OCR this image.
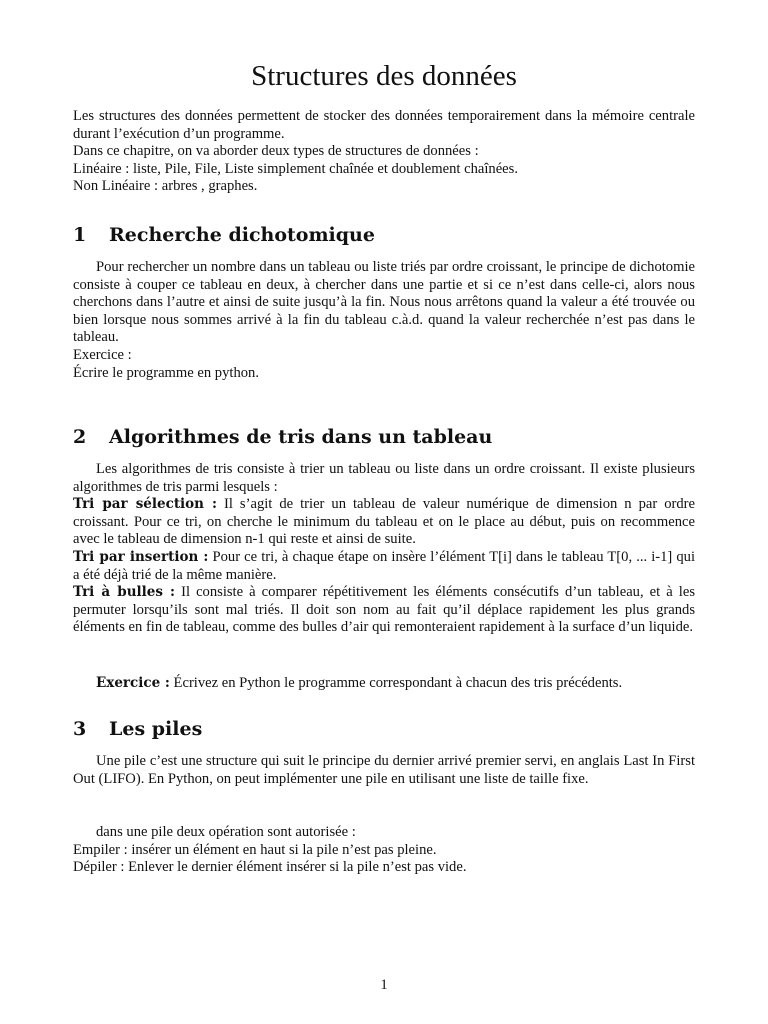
Structures des données

Les structures des données permettent de stocker des données temporairement dans la mémoire centrale durant l’exécution d’un programme.

Dans ce chapitre, on va aborder deux types de structures de données :

Linéaire : liste, Pile, File, Liste simplement chaînée et doublement chaînées.

Non Linéaire : arbres , graphes.

1 Recherche dichotomique

Pour rechercher un nombre dans un tableau ou liste triés par ordre croissant, le principe de dichotomie consiste à couper ce tableau en deux, à chercher dans une partie et si ce n’est dans celle-ci, alors nous cherchons dans l’autre et ainsi de suite jusqu’à la fin. Nous nous arrêtons quand la valeur a été trouvée ou bien lorsque nous sommes arrivé à la fin du tableau c.à.d. quand la valeur recherchée n’est pas dans le tableau.

Exercice :

Écrire le programme en python.

2 Algorithmes de tris dans un tableau

Les algorithmes de tris consiste à trier un tableau ou liste dans un ordre croissant. Il existe plusieurs algorithmes de tris parmi lesquels :

Tri par sélection : Il s’agit de trier un tableau de valeur numérique de dimension n par ordre croissant. Pour ce tri, on cherche le minimum du tableau et on le place au début, puis on recommence avec le tableau de dimension n-1 qui reste et ainsi de suite.

Tri par insertion : Pour ce tri, à chaque étape on insère l’élément T[i] dans le tableau T[0, ... i-1] qui a été déjà trié de la même manière.

Tri à bulles : Il consiste à comparer répétitivement les éléments consécutifs d’un tableau, et à les permuter lorsqu’ils sont mal triés. Il doit son nom au fait qu’il déplace rapidement les plus grands éléments en fin de tableau, comme des bulles d’air qui remonteraient rapidement à la surface d’un liquide.

Exercice : Écrivez en Python le programme correspondant à chacun des tris précédents.

3 Les piles

Une pile c’est une structure qui suit le principe du dernier arrivé premier servi, en anglais Last In First Out (LIFO). En Python, on peut implémenter une pile en utilisant une liste de taille fixe.

dans une pile deux opération sont autorisée :

Empiler : insérer un élément en haut si la pile n’est pas pleine.

Dépiler : Enlever le dernier élément insérer si la pile n’est pas vide.

1
